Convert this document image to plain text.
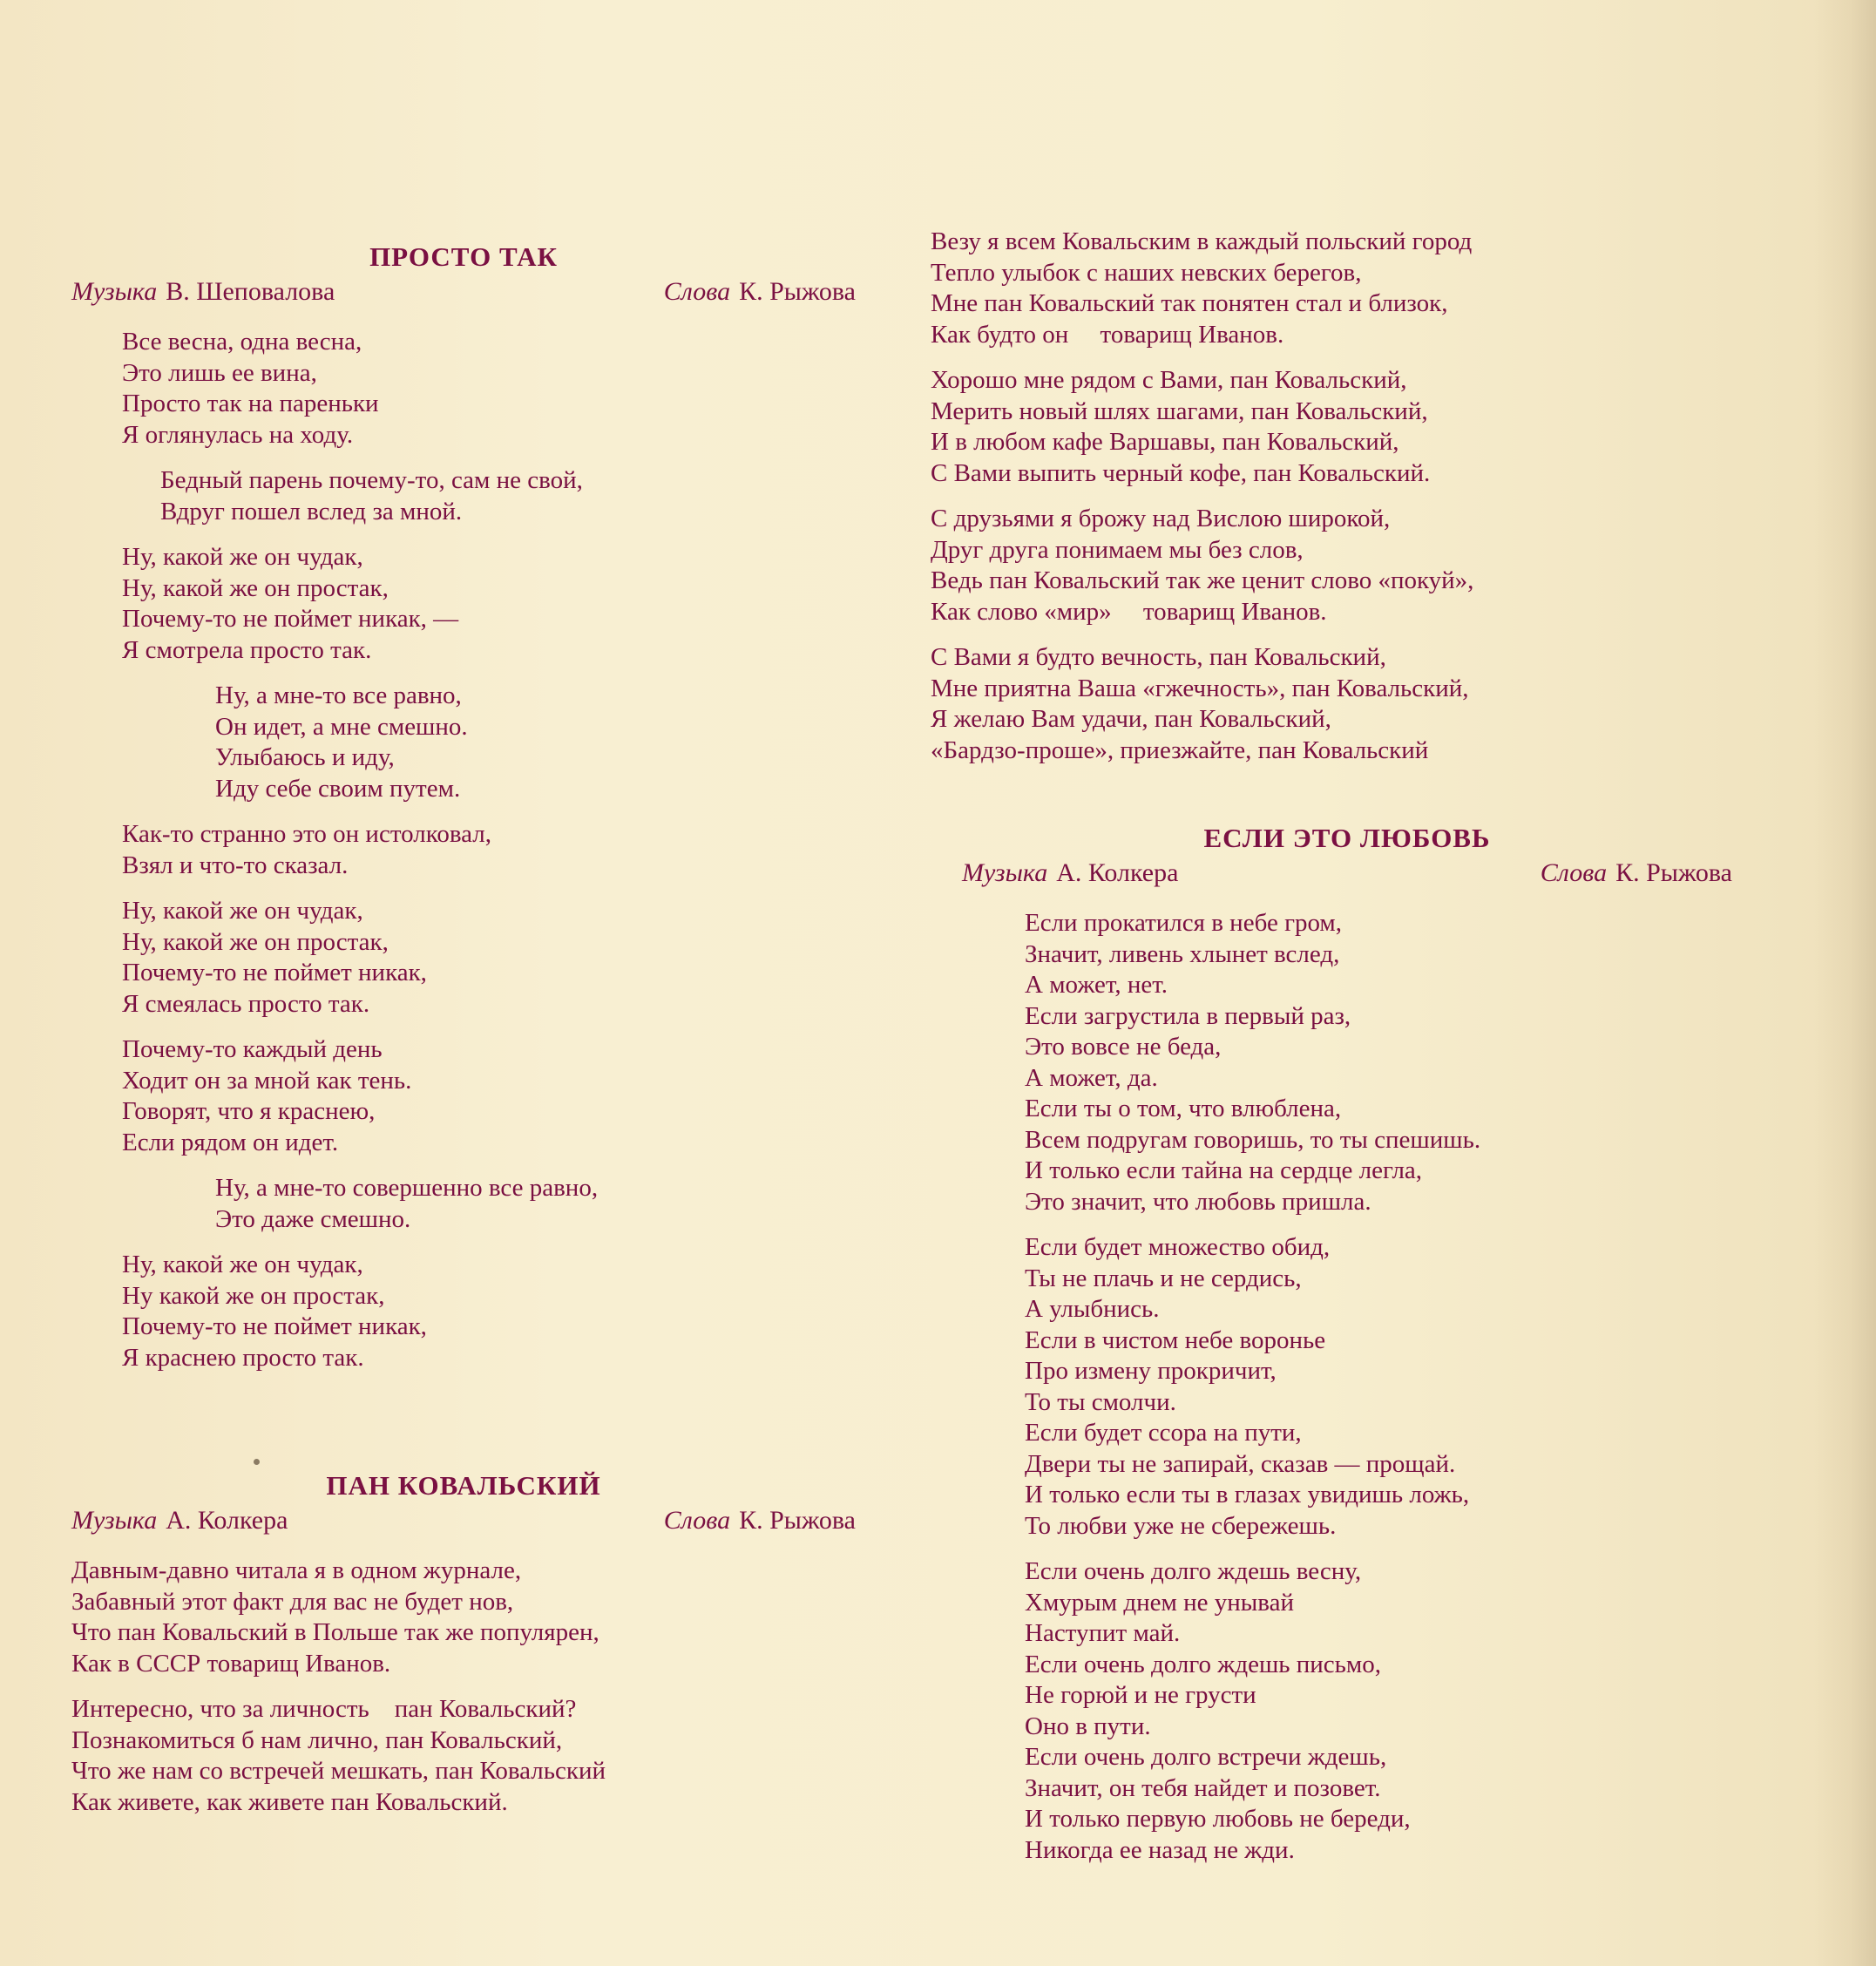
ПРОСТО ТАК
Музыка В. Шеповалова	Слова К. Рыжова
Все весна, одна весна,
Это лишь ее вина,
Просто так на пареньки
Я оглянулась на ходу.
Бедный парень почему-то, сам не свой,
Вдруг пошел вслед за мной.
Ну, какой же он чудак,
Ну, какой же он простак,
Почему-то не поймет никак, —
Я смотрела просто так.
Ну, а мне-то все равно,
Он идет, а мне смешно.
Улыбаюсь и иду,
Иду себе своим путем.
Как-то странно это он истолковал,
Взял и что-то сказал.
Ну, какой же он чудак,
Ну, какой же он простак,
Почему-то не поймет никак,
Я смеялась просто так.
Почему-то каждый день
Ходит он за мной как тень.
Говорят, что я краснею,
Если рядом он идет.
Ну, а мне-то совершенно все равно,
Это даже смешно.
Ну, какой же он чудак,
Ну какой же он простак,
Почему-то не поймет никак,
Я краснею просто так.
ПАН КОВАЛЬСКИЙ
Музыка А. Колкера	Слова К. Рыжова
Давным-давно читала я в одном журнале,
Забавный этот факт для вас не будет нов,
Что пан Ковальский в Польше так же популярен,
Как в СССР товарищ Иванов.
Интересно, что за личность    пан Ковальский?
Познакомиться б нам лично, пан Ковальский,
Что же нам со встречей мешкать, пан Ковальский
Как живете, как живете пан Ковальский.
Везу я всем Ковальским в каждый польский город
Тепло улыбок с наших невских берегов,
Мне пан Ковальский так понятен стал и близок,
Как будто он     товарищ Иванов.
Хорошо мне рядом с Вами, пан Ковальский,
Мерить новый шлях шагами, пан Ковальский,
И в любом кафе Варшавы, пан Ковальский,
С Вами выпить черный кофе, пан Ковальский.
С друзьями я брожу над Вислою широкой,
Друг друга понимаем мы без слов,
Ведь пан Ковальский так же ценит слово «покуй»,
Как слово «мир»     товарищ Иванов.
С Вами я будто вечность, пан Ковальский,
Мне приятна Ваша «гжечность», пан Ковальский,
Я желаю Вам удачи, пан Ковальский,
«Бардзо-проше», приезжайте, пан Ковальский
ЕСЛИ ЭТО ЛЮБОВЬ
Музыка А. Колкера	Слова К. Рыжова
Если прокатился в небе гром,
Значит, ливень хлынет вслед,
А может, нет.
Если загрустила в первый раз,
Это вовсе не беда,
А может, да.
Если ты о том, что влюблена,
Всем подругам говоришь, то ты спешишь.
И только если тайна на сердце легла,
Это значит, что любовь пришла.
Если будет множество обид,
Ты не плачь и не сердись,
А улыбнись.
Если в чистом небе воронье
Про измену прокричит,
То ты смолчи.
Если будет ссора на пути,
Двери ты не запирай, сказав — прощай.
И только если ты в глазах увидишь ложь,
То любви уже не сбережешь.
Если очень долго ждешь весну,
Хмурым днем не унывай
Наступит май.
Если очень долго ждешь письмо,
Не горюй и не грусти
Оно в пути.
Если очень долго встречи ждешь,
Значит, он тебя найдет и позовет.
И только первую любовь не береди,
Никогда ее назад не жди.
